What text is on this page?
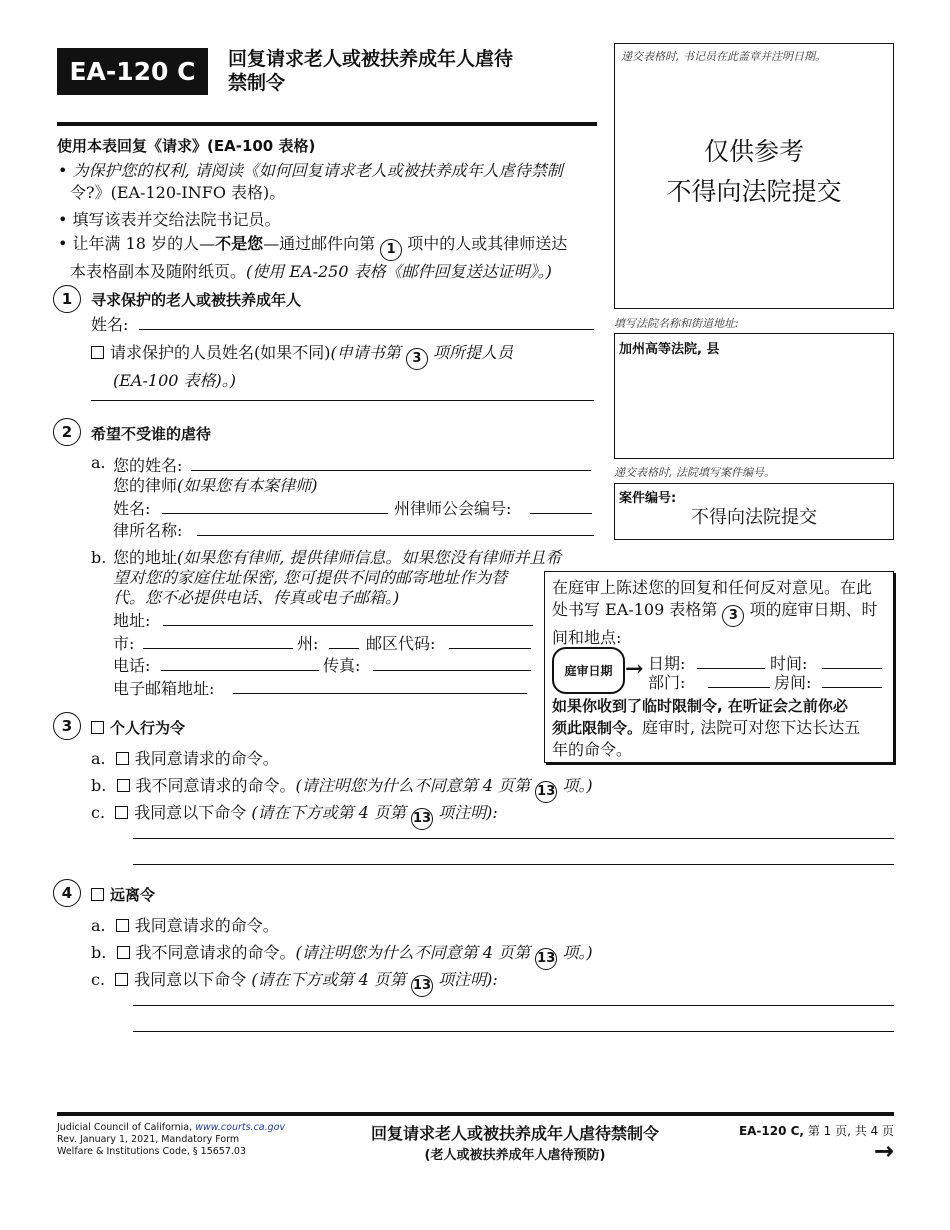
EA-120 C 回复请求老人或被扶养成年人虐待
禁制令
使用本表回复《请求》(EA-100 表格)
• 为保护您的权利, 请阅读《如何回复请求老人或被扶养成年人虐待禁制
令?》(EA-120-INFO 表格)。
• 填写该表并交给法院书记员。
• 让年满 18 岁的人—不是您—通过邮件向第 1 项中的人或其律师送达
本表格副本及随附纸页。(使用 EA-250 表格《邮件回复送达证明》。)
递交表格时, 书记员在此盖章并注明日期。
仅供参考
不得向法院提交
填写法院名称和街道地址:
加州高等法院, 县
递交表格时, 法院填写案件编号。
案件编号:
不得向法院提交
1	寻求保护的老人或被扶养成年人
姓名:
请求保护的人员姓名(如果不同)(申请书第 3 项所提人员
(EA-100 表格)。)
2	希望不受谁的虐待
a. 您的姓名:
您的律师(如果您有本案律师)
姓名:	州律师公会编号:
律所名称:
b. 您的地址(如果您有律师, 提供律师信息。如果您没有律师并且希
望对您的家庭住址保密, 您可提供不同的邮寄地址作为替
代。您不必提供电话、传真或电子邮箱。)
地址:
市:	州:	邮区代码:
电话:	传真:
电子邮箱地址:
在庭审上陈述您的回复和任何反对意见。在此
处书写 EA-109 表格第 3 项的庭审日期、时
间和地点:
庭审日期 → 日期:	时间:
部门:	房间:
如果你收到了临时限制令, 在听证会之前你必
须此限制令。庭审时, 法院可对您下达长达五
年的命令。
3	个人行为令
a.  我同意请求的命令。
b.  我不同意请求的命令。(请注明您为什么不同意第 4 页第 13 项。)
c.  我同意以下命令 (请在下方或第 4 页第 13 项注明):
4	远离令
a.  我同意请求的命令。
b.  我不同意请求的命令。(请注明您为什么不同意第 4 页第 13 项。)
c.  我同意以下命令 (请在下方或第 4 页第 13 项注明):
Judicial Council of California, www.courts.ca.gov
Rev. January 1, 2021, Mandatory Form
Welfare & Institutions Code, § 15657.03
回复请求老人或被扶养成年人虐待禁制令
(老人或被扶养成年人虐待预防)
EA-120 C, 第 1 页, 共 4 页
→
